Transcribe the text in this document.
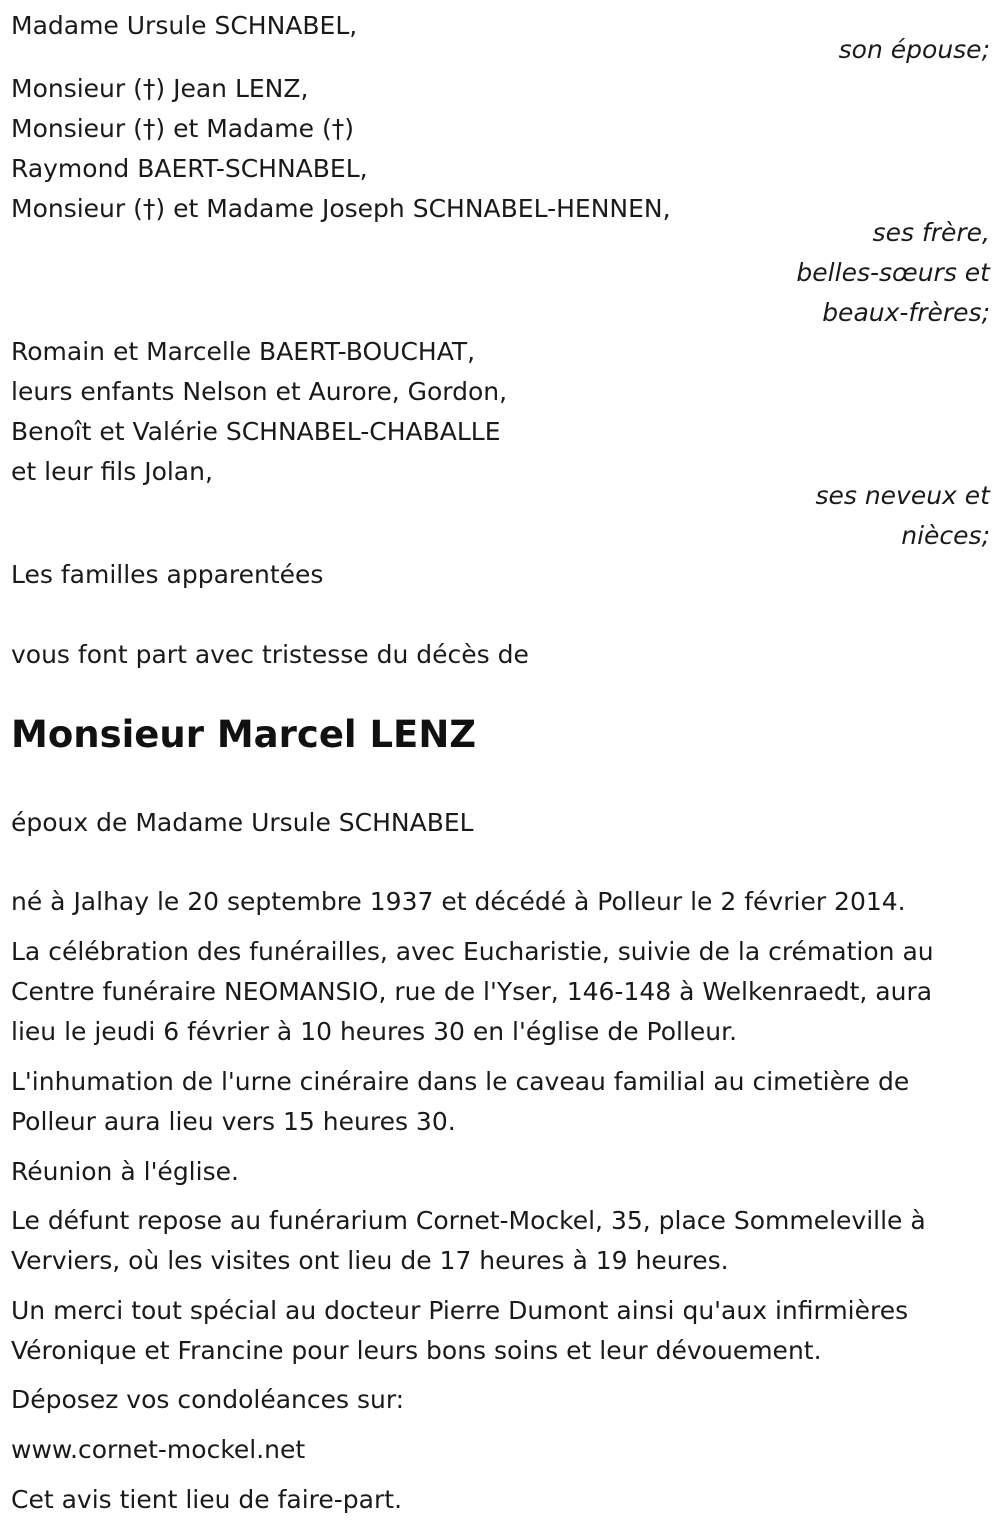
Madame Ursule SCHNABEL,
son épouse;
Monsieur (†) Jean LENZ,
Monsieur (†) et Madame (†)
Raymond BAERT-SCHNABEL,
Monsieur (†) et Madame Joseph SCHNABEL-HENNEN,
ses frère,
belles-sœurs et
beaux-frères;
Romain et Marcelle BAERT-BOUCHAT,
leurs enfants Nelson et Aurore, Gordon,
Benoît et Valérie SCHNABEL-CHABALLE
et leur fils Jolan,
ses neveux et
nièces;
Les familles apparentées
vous font part avec tristesse du décès de
Monsieur Marcel LENZ
époux de Madame Ursule SCHNABEL
né à Jalhay le 20 septembre 1937 et décédé à Polleur le 2 février 2014.
La célébration des funérailles, avec Eucharistie, suivie de la crémation au
Centre funéraire NEOMANSIO, rue de l'Yser, 146-148 à Welkenraedt, aura
lieu le jeudi 6 février à 10 heures 30 en l'église de Polleur.
L'inhumation de l'urne cinéraire dans le caveau familial au cimetière de
Polleur aura lieu vers 15 heures 30.
Réunion à l'église.
Le défunt repose au funérarium Cornet-Mockel, 35, place Sommeleville à
Verviers, où les visites ont lieu de 17 heures à 19 heures.
Un merci tout spécial au docteur Pierre Dumont ainsi qu'aux infirmières
Véronique et Francine pour leurs bons soins et leur dévouement.
Déposez vos condoléances sur:
www.cornet-mockel.net
Cet avis tient lieu de faire-part.
